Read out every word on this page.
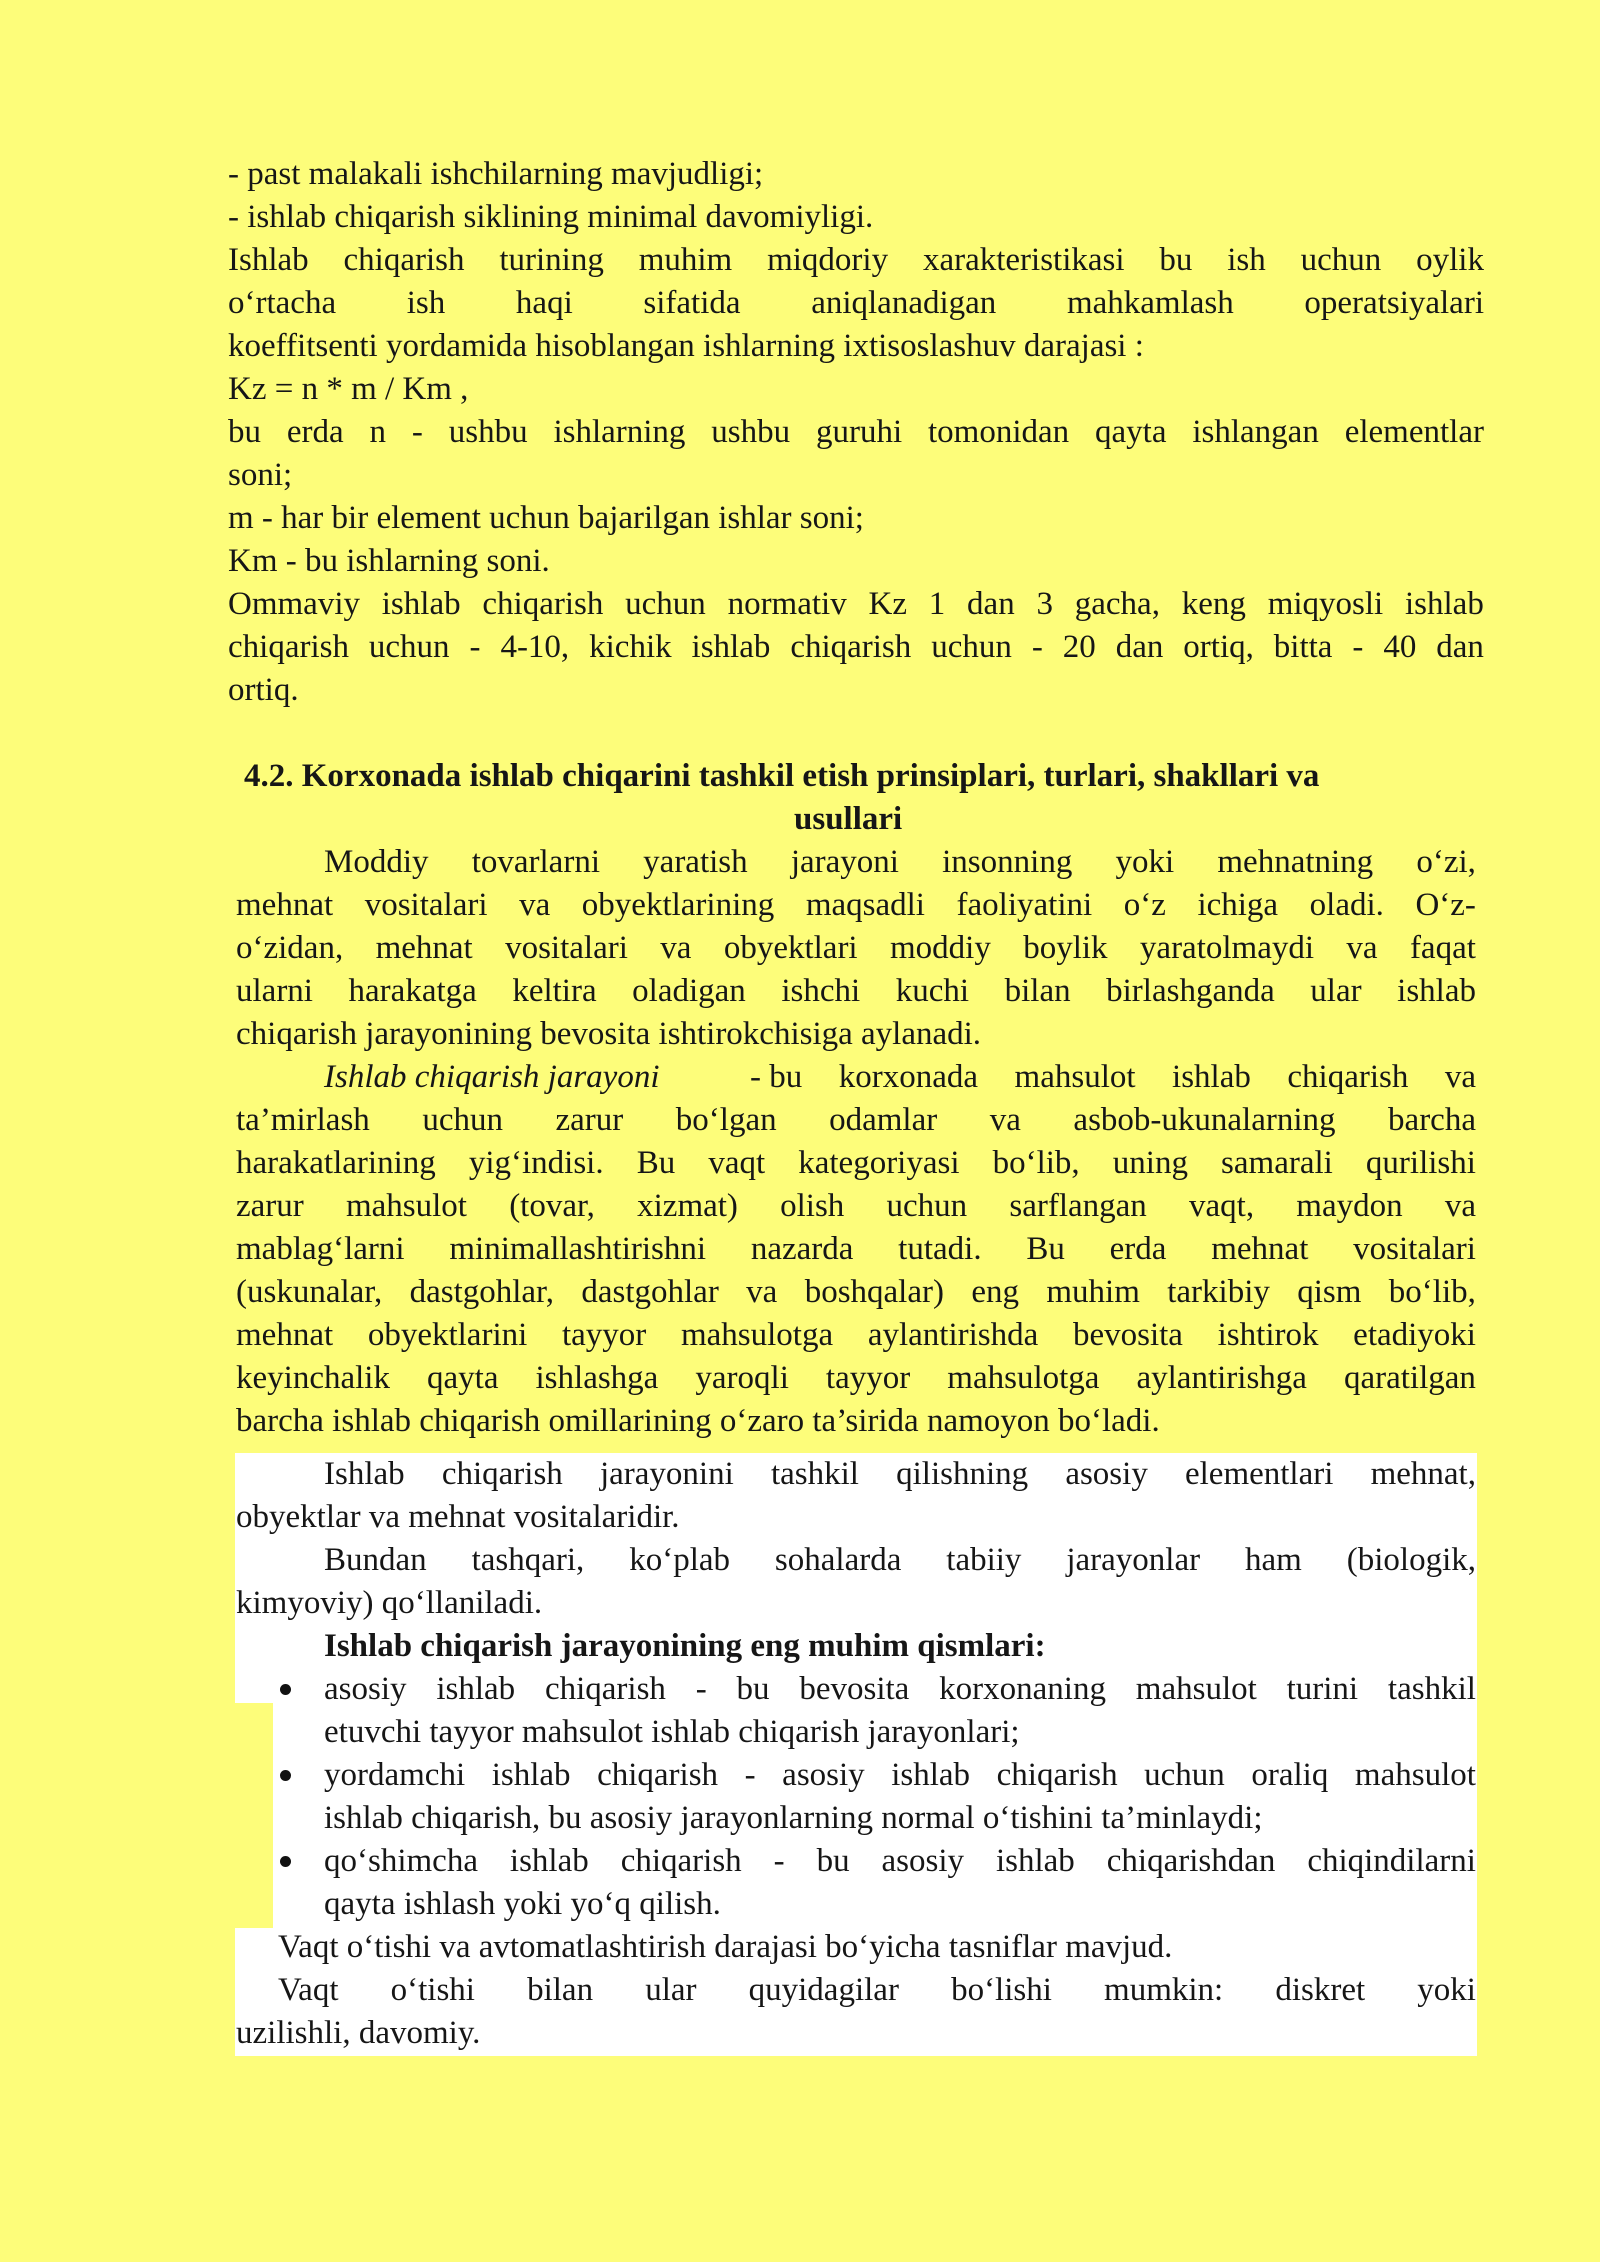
- past malakali ishchilarning mavjudligi;
- ishlab chiqarish siklining minimal davomiyligi.
Ishlab chiqarish turining muhim miqdoriy xarakteristikasi bu ish uchun oylik
o‘rtacha ish haqi sifatida aniqlanadigan mahkamlash operatsiyalari
koeffitsenti yordamida hisoblangan ishlarning ixtisoslashuv darajasi :
Kz = n * m / Km ,
bu erda n - ushbu ishlarning ushbu guruhi tomonidan qayta ishlangan elementlar
soni;
m - har bir element uchun bajarilgan ishlar soni;
Km - bu ishlarning soni.
Ommaviy ishlab chiqarish uchun normativ Kz 1 dan 3 gacha, keng miqyosli ishlab
chiqarish uchun - 4-10, kichik ishlab chiqarish uchun - 20 dan ortiq, bitta - 40 dan
ortiq.
4.2. Korxonada ishlab chiqarini tashkil etish prinsiplari, turlari, shakllari va
usullari
Moddiy tovarlarni yaratish jarayoni insonning yoki mehnatning o‘zi,
mehnat vositalari va obyektlarining maqsadli faoliyatini o‘z ichiga oladi. O‘z-
o‘zidan, mehnat vositalari va obyektlari moddiy boylik yaratolmaydi va faqat
ularni harakatga keltira oladigan ishchi kuchi bilan birlashganda ular ishlab
chiqarish jarayonining bevosita ishtirokchisiga aylanadi.
Ishlab chiqarish jarayoni	- bu korxonada mahsulot ishlab chiqarish va
ta’mirlash uchun zarur bo‘lgan odamlar va asbob-ukunalarning barcha
harakatlarining yig‘indisi. Bu vaqt kategoriyasi bo‘lib, uning samarali qurilishi
zarur mahsulot (tovar, xizmat) olish uchun sarflangan vaqt, maydon va
mablag‘larni minimallashtirishni nazarda tutadi. Bu erda mehnat vositalari
(uskunalar, dastgohlar, dastgohlar va boshqalar) eng muhim tarkibiy qism bo‘lib,
mehnat obyektlarini tayyor mahsulotga aylantirishda bevosita ishtirok etadiyoki
keyinchalik qayta ishlashga yaroqli tayyor mahsulotga aylantirishga qaratilgan
barcha ishlab chiqarish omillarining o‘zaro ta’sirida namoyon bo‘ladi.
Ishlab chiqarish jarayonini tashkil qilishning asosiy elementlari mehnat,
obyektlar va mehnat vositalaridir.
Bundan tashqari, ko‘plab sohalarda tabiiy jarayonlar ham (biologik,
kimyoviy) qo‘llaniladi.
Ishlab chiqarish jarayonining eng muhim qismlari:
asosiy ishlab chiqarish - bu bevosita korxonaning mahsulot turini tashkil
etuvchi tayyor mahsulot ishlab chiqarish jarayonlari;
yordamchi ishlab chiqarish - asosiy ishlab chiqarish uchun oraliq mahsulot
ishlab chiqarish, bu asosiy jarayonlarning normal o‘tishini ta’minlaydi;
qo‘shimcha ishlab chiqarish - bu asosiy ishlab chiqarishdan chiqindilarni
qayta ishlash yoki yo‘q qilish.
Vaqt o‘tishi va avtomatlashtirish darajasi bo‘yicha tasniflar mavjud.
Vaqt o‘tishi bilan ular quyidagilar bo‘lishi mumkin: diskret yoki
uzilishli, davomiy.
